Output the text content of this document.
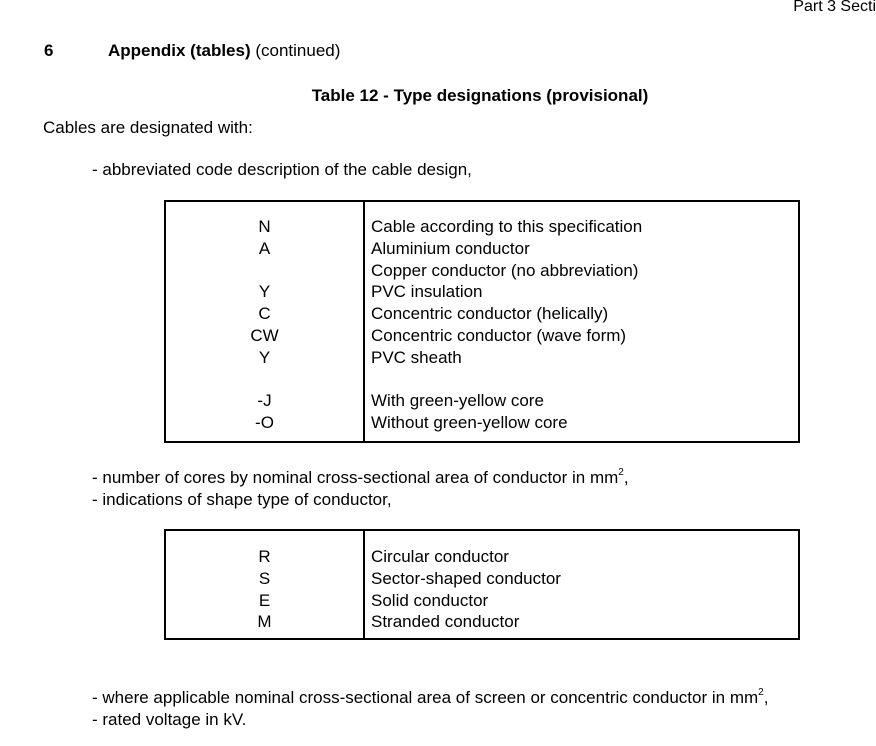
Part 3 Secti
6	Appendix (tables) (continued)
Table 12 - Type designations (provisional)
Cables are designated with:
- abbreviated code description of the cable design,
N
A
Y
C
CW
Y
-J
-O
Cable according to this specification
Aluminium conductor
Copper conductor (no abbreviation)
PVC insulation
Concentric conductor (helically)
Concentric conductor (wave form)
PVC sheath
With green-yellow core
Without green-yellow core
- number of cores by nominal cross-sectional area of conductor in $mm^2$,
- indications of shape type of conductor,
R
S
E
M
Circular conductor
Sector-shaped conductor
Solid conductor
Stranded conductor
- where applicable nominal cross-sectional area of screen or concentric conductor in $mm^2$,
- rated voltage in kV.
